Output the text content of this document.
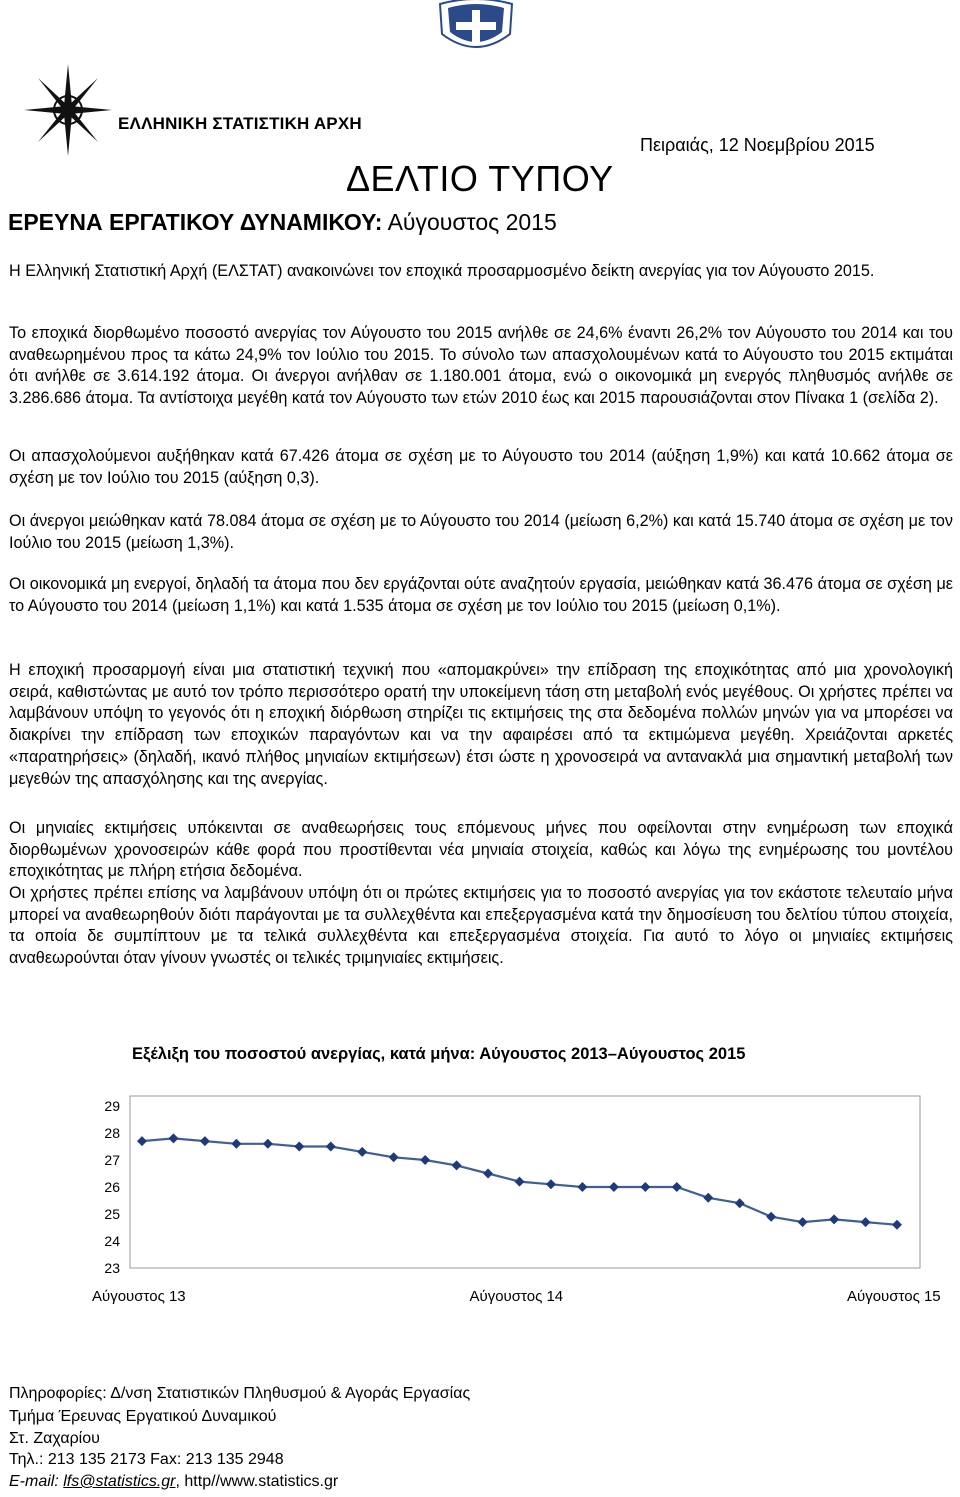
ΕΛΛΗΝΙΚΗ ΣΤΑΤΙΣΤΙΚΗ ΑΡΧΗ
Πειραιάς, 12 Νοεμβρίου 2015
ΔΕΛΤΙΟ ΤΥΠΟΥ
ΕΡΕΥΝΑ ΕΡΓΑΤΙΚΟΥ ΔΥΝΑΜΙΚΟΥ: Αύγουστος 2015

Η Ελληνική Στατιστική Αρχή (ΕΛΣΤΑΤ) ανακοινώνει τον εποχικά προσαρμοσμένο δείκτη ανεργίας για τον Αύγουστο 2015.

Το εποχικά διορθωμένο ποσοστό ανεργίας τον Αύγουστο του 2015 ανήλθε σε 24,6% έναντι 26,2% τον Αύγουστο του 2014 και του αναθεωρημένου προς τα κάτω 24,9% τον Ιούλιο του 2015. Το σύνολο των απασχολουμένων κατά το Αύγουστο του 2015 εκτιμάται ότι ανήλθε σε 3.614.192 άτομα. Οι άνεργοι ανήλθαν σε 1.180.001 άτομα, ενώ ο οικονομικά μη ενεργός πληθυσμός ανήλθε σε 3.286.686 άτομα. Τα αντίστοιχα μεγέθη κατά τον Αύγουστο των ετών 2010 έως και 2015 παρουσιάζονται στον Πίνακα 1 (σελίδα 2).

Οι απασχολούμενοι αυξήθηκαν κατά 67.426 άτομα σε σχέση με το Αύγουστο του 2014 (αύξηση 1,9%) και κατά 10.662 άτομα σε σχέση με τον Ιούλιο του 2015 (αύξηση 0,3).

Οι άνεργοι μειώθηκαν κατά 78.084 άτομα σε σχέση με το Αύγουστο του 2014 (μείωση 6,2%) και κατά 15.740 άτομα σε σχέση με τον Ιούλιο του 2015 (μείωση 1,3%).

Οι οικονομικά μη ενεργοί, δηλαδή τα άτομα που δεν εργάζονται ούτε αναζητούν εργασία, μειώθηκαν κατά 36.476 άτομα σε σχέση με το Αύγουστο του 2014 (μείωση 1,1%) και κατά 1.535 άτομα σε σχέση με τον Ιούλιο του 2015 (μείωση 0,1%).

Η εποχική προσαρμογή είναι μια στατιστική τεχνική που «απομακρύνει» την επίδραση της εποχικότητας από μια χρονολογική σειρά, καθιστώντας με αυτό τον τρόπο περισσότερο ορατή την υποκείμενη τάση στη μεταβολή ενός μεγέθους. Οι χρήστες πρέπει να λαμβάνουν υπόψη το γεγονός ότι η εποχική διόρθωση στηρίζει τις εκτιμήσεις της στα δεδομένα πολλών μηνών για να μπορέσει να διακρίνει την επίδραση των εποχικών παραγόντων και να την αφαιρέσει από τα εκτιμώμενα μεγέθη. Χρειάζονται αρκετές «παρατηρήσεις» (δηλαδή, ικανό πλήθος μηνιαίων εκτιμήσεων) έτσι ώστε η χρονοσειρά να αντανακλά μια σημαντική μεταβολή των μεγεθών της απασχόλησης και της ανεργίας.

Οι μηνιαίες εκτιμήσεις υπόκεινται σε αναθεωρήσεις τους επόμενους μήνες που οφείλονται στην ενημέρωση των εποχικά διορθωμένων χρονοσειρών κάθε φορά που προστίθενται νέα μηνιαία στοιχεία, καθώς και λόγω της ενημέρωσης του μοντέλου εποχικότητας με πλήρη ετήσια δεδομένα.

Οι χρήστες πρέπει επίσης να λαμβάνουν υπόψη ότι οι πρώτες εκτιμήσεις για το ποσοστό ανεργίας για τον εκάστοτε τελευταίο μήνα μπορεί να αναθεωρηθούν διότι παράγονται με τα συλλεχθέντα και επεξεργασμένα κατά την δημοσίευση του δελτίου τύπου στοιχεία, τα οποία δε συμπίπτουν με τα τελικά συλλεχθέντα και επεξεργασμένα στοιχεία. Για αυτό το λόγο οι μηνιαίες εκτιμήσεις αναθεωρούνται όταν γίνουν γνωστές οι τελικές τριμηνιαίες εκτιμήσεις.

Εξέλιξη του ποσοστού ανεργίας, κατά μήνα: Αύγουστος 2013–Αύγουστος 2015
29
28
27
26
25
24
23
Αύγουστος 13	Αύγουστος 14	Αύγουστος 15
Πληροφορίες: Δ/νση Στατιστικών Πληθυσμού & Αγοράς Εργασίας
Τμήμα Έρευνας Εργατικού Δυναμικού
Στ. Ζαχαρίου
Τηλ.: 213 135 2173 Fax: 213 135 2948
E-mail: lfs@statistics.gr, http//www.statistics.gr
